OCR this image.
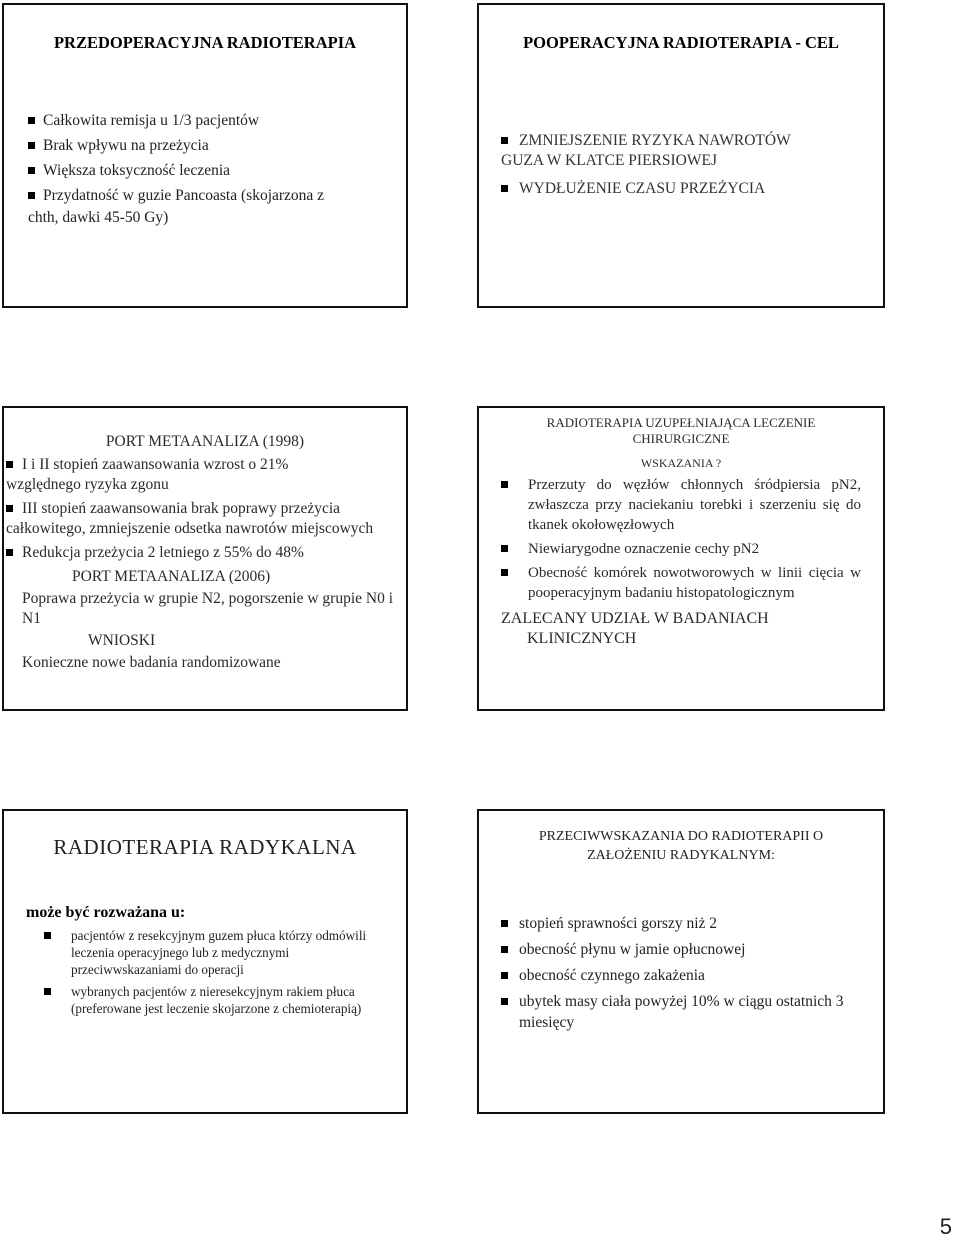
PRZEDOPERACYJNA RADIOTERAPIA
Całkowita remisja u 1/3 pacjentów
Brak wpływu na przeżycia
Większa toksyczność leczenia
Przydatność w guzie Pancoasta (skojarzona z
chth, dawki 45-50 Gy)
POOPERACYJNA RADIOTERAPIA - CEL
ZMNIEJSZENIE RYZYKA NAWROTÓW
GUZA W KLATCE PIERSIOWEJ
WYDŁUŻENIE CZASU PRZEŻYCIA
PORT METAANALIZA (1998)
I i II stopień zaawansowania wzrost o 21%
względnego ryzyka zgonu
III stopień zaawansowania brak poprawy przeżycia
całkowitego, zmniejszenie odsetka nawrotów miejscowych
Redukcja przeżycia 2 letniego z 55% do 48%
PORT METAANALIZA (2006)
Poprawa przeżycia w grupie N2, pogorszenie w grupie N0 i N1
WNIOSKI
Konieczne nowe badania randomizowane
RADIOTERAPIA UZUPEŁNIAJĄCA LECZENIE
CHIRURGICZNE
WSKAZANIA ?
Przerzuty do węzłów chłonnych śródpiersia pN2, zwłaszcza przy naciekaniu torebki i szerzeniu się do tkanek okołowęzłowych
Niewiarygodne oznaczenie cechy pN2
Obecność komórek nowotworowych w linii cięcia w pooperacyjnym badaniu histopatologicznym
ZALECANY UDZIAŁ W BADANIACH
KLINICZNYCH
RADIOTERAPIA RADYKALNA
może być rozważana u:
pacjentów z resekcyjnym guzem płuca którzy odmówili leczenia operacyjnego lub z medycznymi przeciwwskazaniami do operacji
wybranych pacjentów z nieresekcyjnym rakiem płuca (preferowane jest leczenie skojarzone z chemioterapią)
PRZECIWWSKAZANIA DO RADIOTERAPII O
ZAŁOŻENIU RADYKALNYM:
stopień sprawności gorszy niż 2
obecność płynu w jamie opłucnowej
obecność czynnego zakażenia
ubytek masy ciała powyżej 10% w ciągu ostatnich 3 miesięcy
5
